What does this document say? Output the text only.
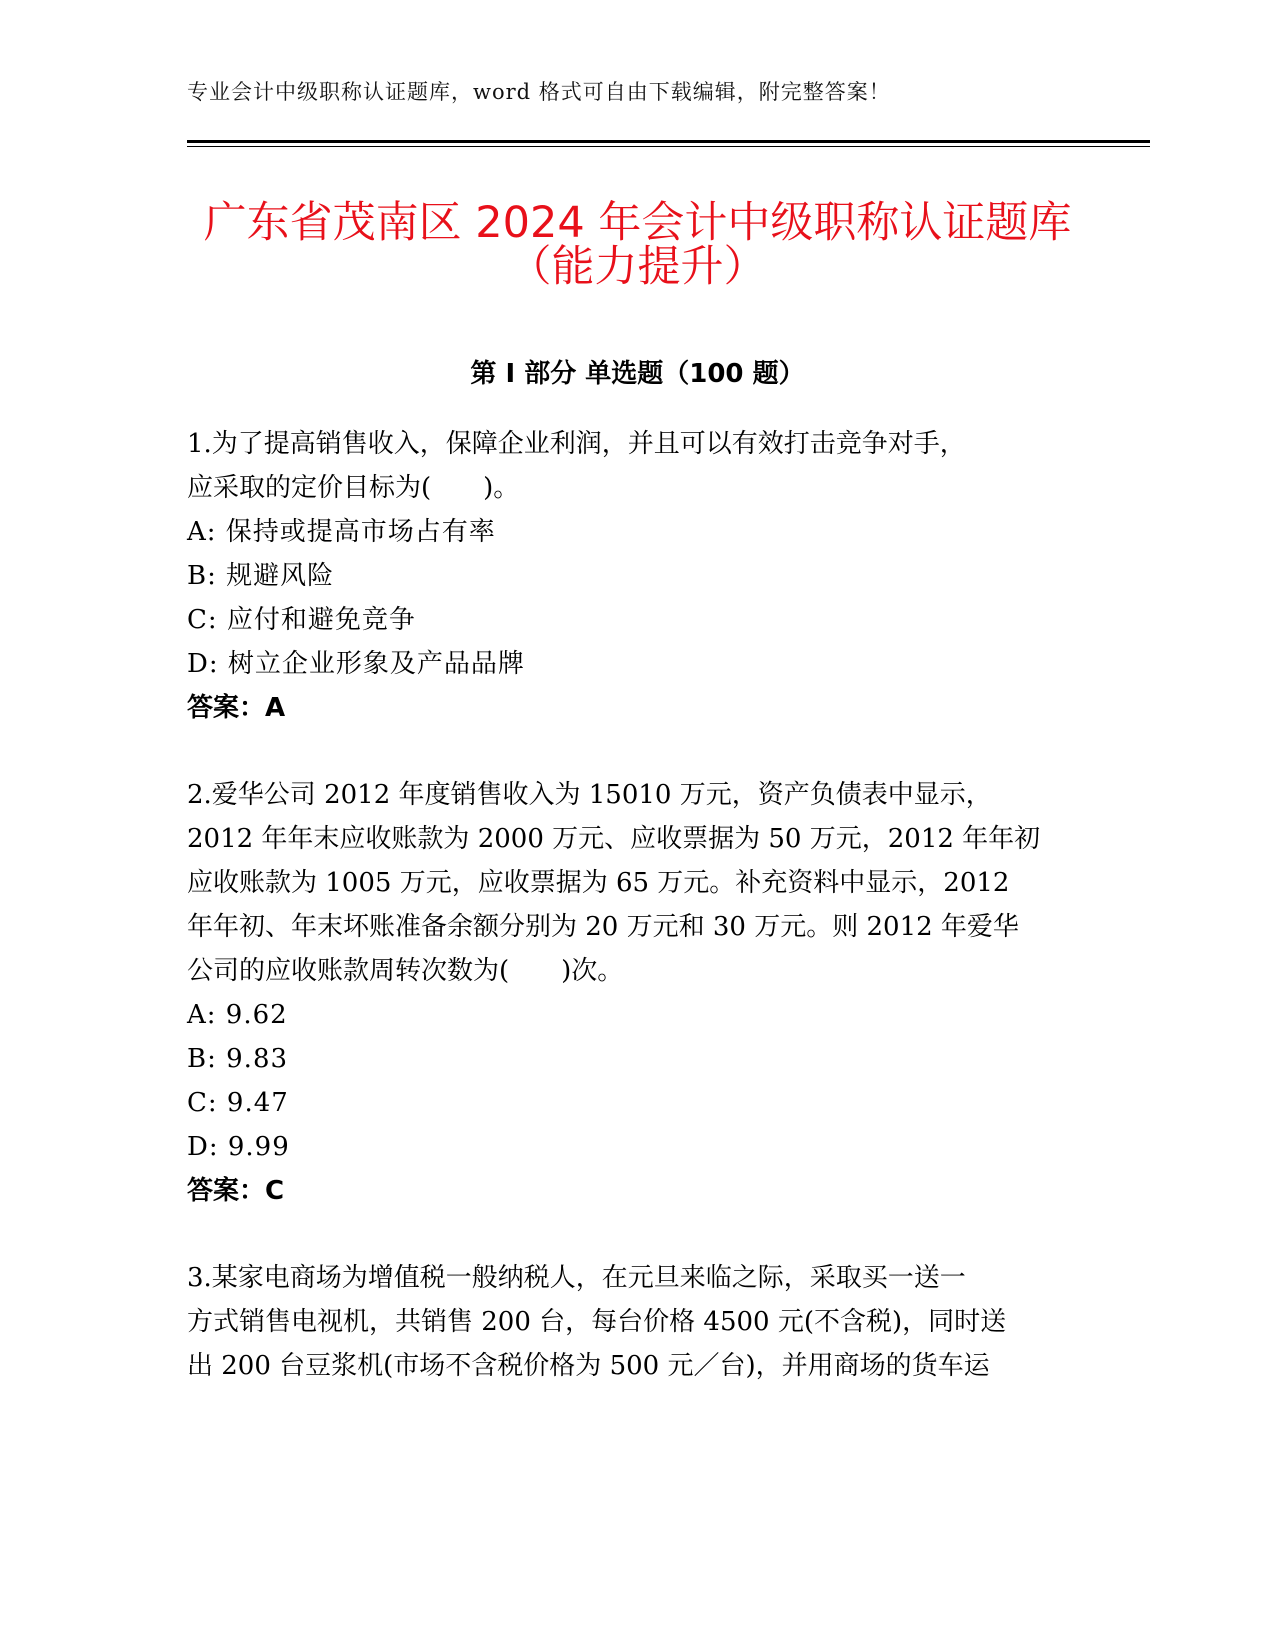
专业会计中级职称认证题库，word 格式可自由下载编辑，附完整答案！
广东省茂南区 2024 年会计中级职称认证题库
（能力提升）
第 I 部分 单选题（100 题）
1.为了提高销售收入，保障企业利润，并且可以有效打击竞争对手，
应采取的定价目标为(　　)。
A: 保持或提高市场占有率
B: 规避风险
C: 应付和避免竞争
D: 树立企业形象及产品品牌
答案：A
2.爱华公司 2012 年度销售收入为 15010 万元，资产负债表中显示，
2012 年年末应收账款为 2000 万元、应收票据为 50 万元，2012 年年初
应收账款为 1005 万元，应收票据为 65 万元。补充资料中显示，2012
年年初、年末坏账准备余额分别为 20 万元和 30 万元。则 2012 年爱华
公司的应收账款周转次数为(　　)次。
A: 9.62
B: 9.83
C: 9.47
D: 9.99
答案：C
3.某家电商场为增值税一般纳税人，在元旦来临之际，采取买一送一
方式销售电视机，共销售 200 台，每台价格 4500 元(不含税)，同时送
出 200 台豆浆机(市场不含税价格为 500 元／台)，并用商场的货车运
